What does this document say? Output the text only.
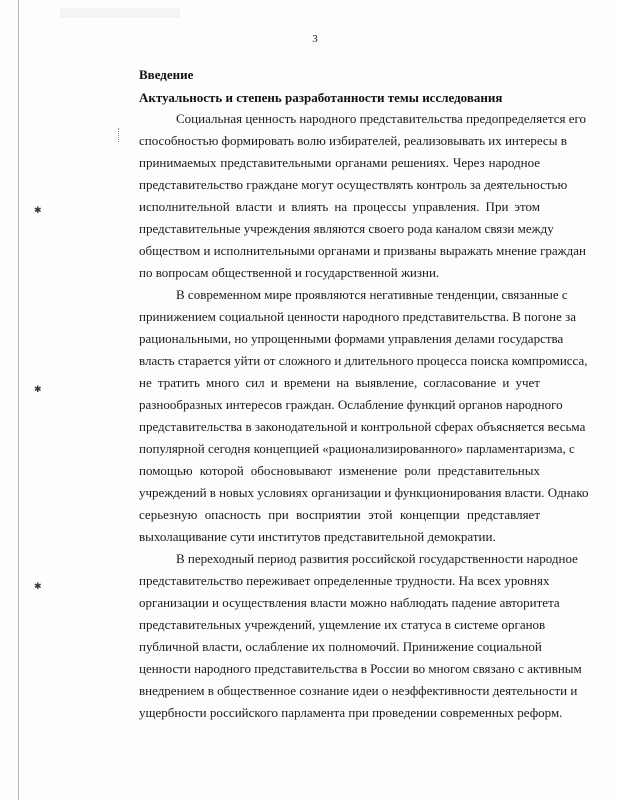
✱
✱
✱
3
Введение
Актуальность и степень разработанности темы исследования
Социальная ценность народного представительства предопределяется его
способностью формировать волю избирателей, реализовывать их интересы в
принимаемых представительными органами решениях. Через народное
представительство граждане могут осуществлять контроль за деятельностью
исполнительной власти и влиять на процессы управления. При этом
представительные учреждения являются своего рода каналом связи между
обществом и исполнительными органами и призваны выражать мнение граждан
по вопросам общественной и государственной жизни.
В современном мире проявляются негативные тенденции, связанные с
принижением социальной ценности народного представительства. В погоне за
рациональными, но упрощенными формами управления делами государства
власть старается уйти от сложного и длительного процесса поиска компромисса,
не тратить много сил и времени на выявление, согласование и учет
разнообразных интересов граждан. Ослабление функций органов народного
представительства в законодательной и контрольной сферах объясняется весьма
популярной сегодня концепцией «рационализированного» парламентаризма, с
помощью которой обосновывают изменение роли представительных
учреждений в новых условиях организации и функционирования власти. Однако
серьезную опасность при восприятии этой концепции представляет
выхолащивание сути институтов представительной демократии.
В переходный период развития российской государственности народное
представительство переживает определенные трудности. На всех уровнях
организации и осуществления власти можно наблюдать падение авторитета
представительных учреждений, ущемление их статуса в системе органов
публичной власти, ослабление их полномочий. Принижение социальной
ценности народного представительства в России во многом связано с активным
внедрением в общественное сознание идеи о неэффективности деятельности и
ущербности российского парламента при проведении современных реформ.
